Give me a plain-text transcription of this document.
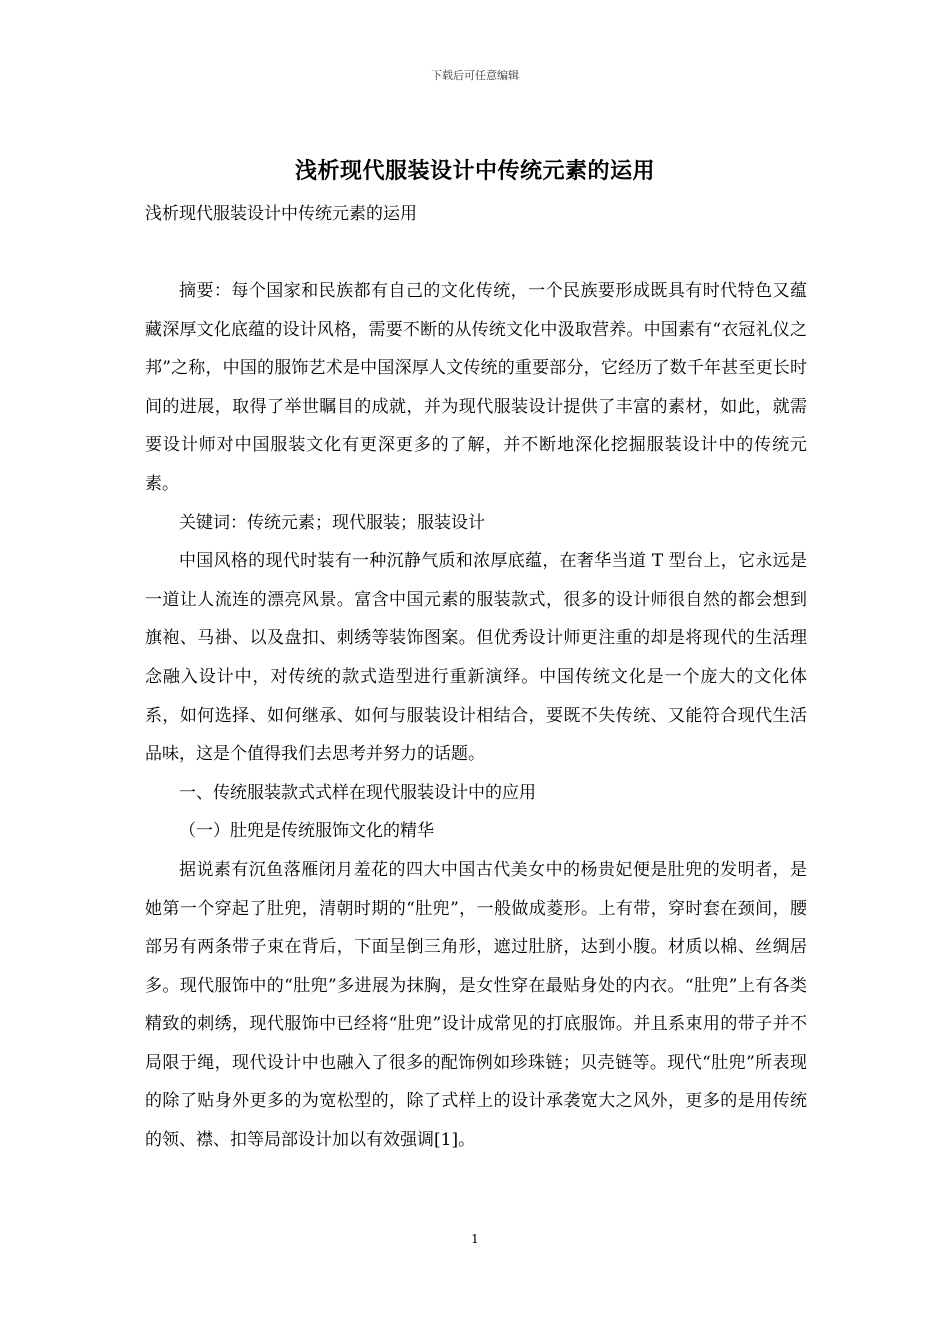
下载后可任意编辑
浅析现代服装设计中传统元素的运用
浅析现代服装设计中传统元素的运用

摘要：每个国家和民族都有自己的文化传统，一个民族要形成既具有时代特色又蕴藏深厚文化底蕴的设计风格，需要不断的从传统文化中汲取营养。中国素有“衣冠礼仪之邦”之称，中国的服饰艺术是中国深厚人文传统的重要部分，它经历了数千年甚至更长时间的进展，取得了举世瞩目的成就，并为现代服装设计提供了丰富的素材，如此，就需要设计师对中国服装文化有更深更多的了解，并不断地深化挖掘服装设计中的传统元素。

关键词：传统元素；现代服装；服装设计

中国风格的现代时装有一种沉静气质和浓厚底蕴，在奢华当道 T 型台上，它永远是一道让人流连的漂亮风景。富含中国元素的服装款式，很多的设计师很自然的都会想到旗袍、马褂、以及盘扣、刺绣等装饰图案。但优秀设计师更注重的却是将现代的生活理念融入设计中，对传统的款式造型进行重新演绎。中国传统文化是一个庞大的文化体系，如何选择、如何继承、如何与服装设计相结合，要既不失传统、又能符合现代生活品味，这是个值得我们去思考并努力的话题。

一、传统服装款式式样在现代服装设计中的应用

（一）肚兜是传统服饰文化的精华

据说素有沉鱼落雁闭月羞花的四大中国古代美女中的杨贵妃便是肚兜的发明者，是她第一个穿起了肚兜，清朝时期的“肚兜”，一般做成菱形。上有带，穿时套在颈间，腰部另有两条带子束在背后，下面呈倒三角形，遮过肚脐，达到小腹。材质以棉、丝绸居多。现代服饰中的“肚兜”多进展为抹胸，是女性穿在最贴身处的内衣。“肚兜”上有各类精致的刺绣，现代服饰中已经将“肚兜”设计成常见的打底服饰。并且系束用的带子并不局限于绳，现代设计中也融入了很多的配饰例如珍珠链；贝壳链等。现代“肚兜”所表现的除了贴身外更多的为宽松型的，除了式样上的设计承袭宽大之风外，更多的是用传统的领、襟、扣等局部设计加以有效强调[1]。

1
